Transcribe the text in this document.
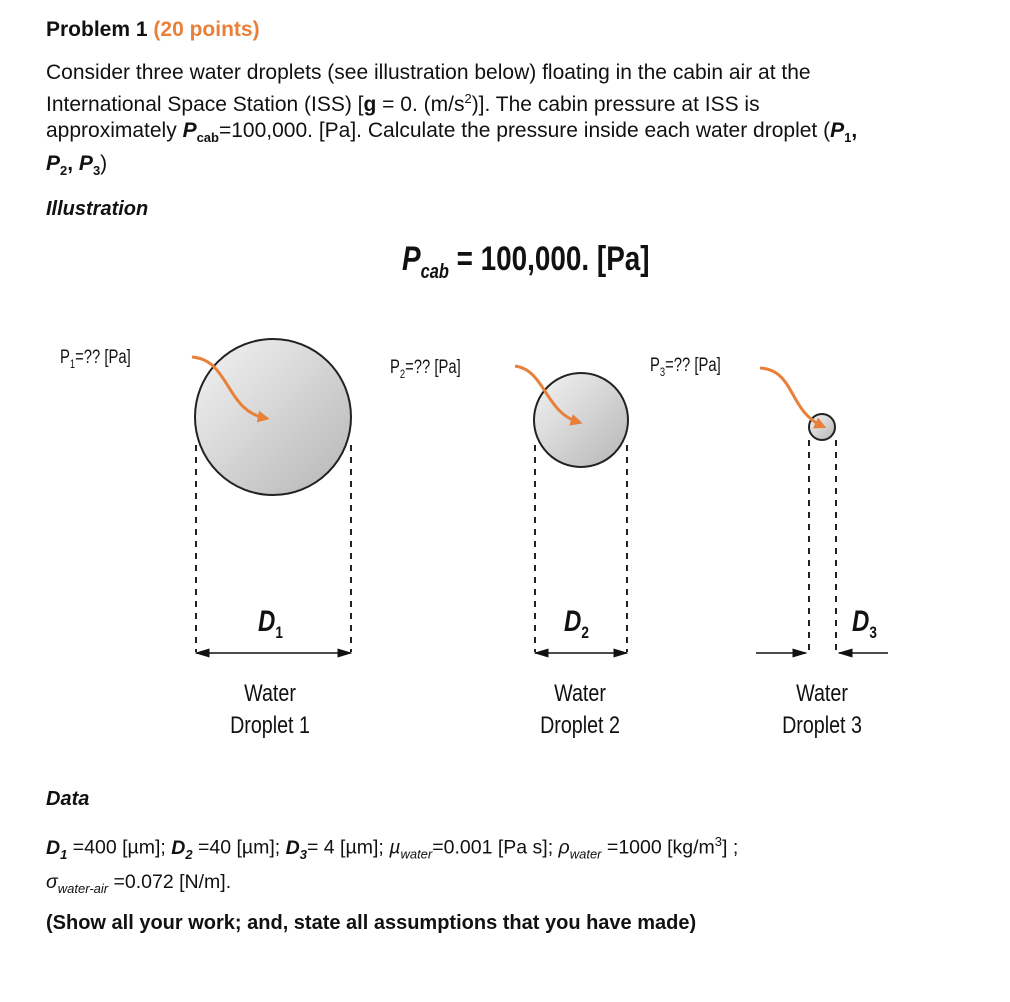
Problem 1 (20 points)
Consider three water droplets (see illustration below) floating in the cabin air at the
International Space Station (ISS) [g = 0. $(m/s^2)$]. The cabin pressure at ISS is
approximately $P_{cab}=100,000$. [Pa]. Calculate the pressure inside each water droplet ($P_1$,
$P_2$, $P_3$)
Illustration
$P_{cab} = 100,000$. [Pa]
$P_1=$?? [Pa]	$P_2=$?? [Pa]	$P_3=$?? [Pa]
$D_1$	$D_2$	$D_3$
Water
Droplet 1
Water
Droplet 2
Water
Droplet 3
Data
$D_1 =400$ [µm]; $D_2 =40$ [µm]; $D_3= 4$ [µm]; µ$_{water}$=0.001 [Pa s]; $\rho_{water} =1000$ $[kg/m^3]$ ;
$\sigma_{water-air} =0.072$ [N/m].
(Show all your work; and, state all assumptions that you have made)
